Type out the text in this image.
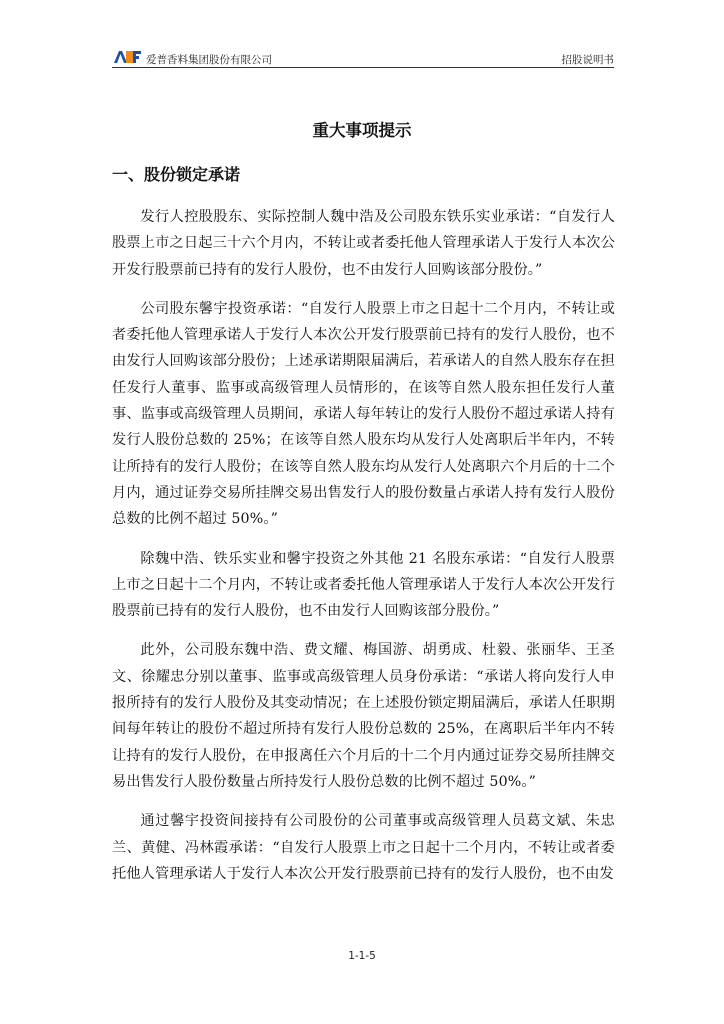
爱普香料集团股份有限公司	招股说明书
重大事项提示
一、股份锁定承诺

发行人控股股东、实际控制人魏中浩及公司股东铁乐实业承诺：“自发行人股票上市之日起三十六个月内，不转让或者委托他人管理承诺人于发行人本次公开发行股票前已持有的发行人股份，也不由发行人回购该部分股份。”

公司股东馨宇投资承诺：“自发行人股票上市之日起十二个月内，不转让或者委托他人管理承诺人于发行人本次公开发行股票前已持有的发行人股份，也不由发行人回购该部分股份；上述承诺期限届满后，若承诺人的自然人股东存在担任发行人董事、监事或高级管理人员情形的，在该等自然人股东担任发行人董事、监事或高级管理人员期间，承诺人每年转让的发行人股份不超过承诺人持有发行人股份总数的 25%；在该等自然人股东均从发行人处离职后半年内，不转让所持有的发行人股份；在该等自然人股东均从发行人处离职六个月后的十二个月内，通过证券交易所挂牌交易出售发行人的股份数量占承诺人持有发行人股份总数的比例不超过 50%。”

除魏中浩、铁乐实业和馨宇投资之外其他 21 名股东承诺：“自发行人股票上市之日起十二个月内，不转让或者委托他人管理承诺人于发行人本次公开发行股票前已持有的发行人股份，也不由发行人回购该部分股份。”

此外，公司股东魏中浩、费文耀、梅国游、胡勇成、杜毅、张丽华、王圣文、徐耀忠分别以董事、监事或高级管理人员身份承诺：“承诺人将向发行人申报所持有的发行人股份及其变动情况；在上述股份锁定期届满后，承诺人任职期间每年转让的股份不超过所持有发行人股份总数的 25%，在离职后半年内不转让持有的发行人股份，在申报离任六个月后的十二个月内通过证券交易所挂牌交易出售发行人股份数量占所持发行人股份总数的比例不超过 50%。”

通过馨宇投资间接持有公司股份的公司董事或高级管理人员葛文斌、朱忠兰、黄健、冯林霞承诺：“自发行人股票上市之日起十二个月内，不转让或者委托他人管理承诺人于发行人本次公开发行股票前已持有的发行人股份，也不由发

1-1-5
